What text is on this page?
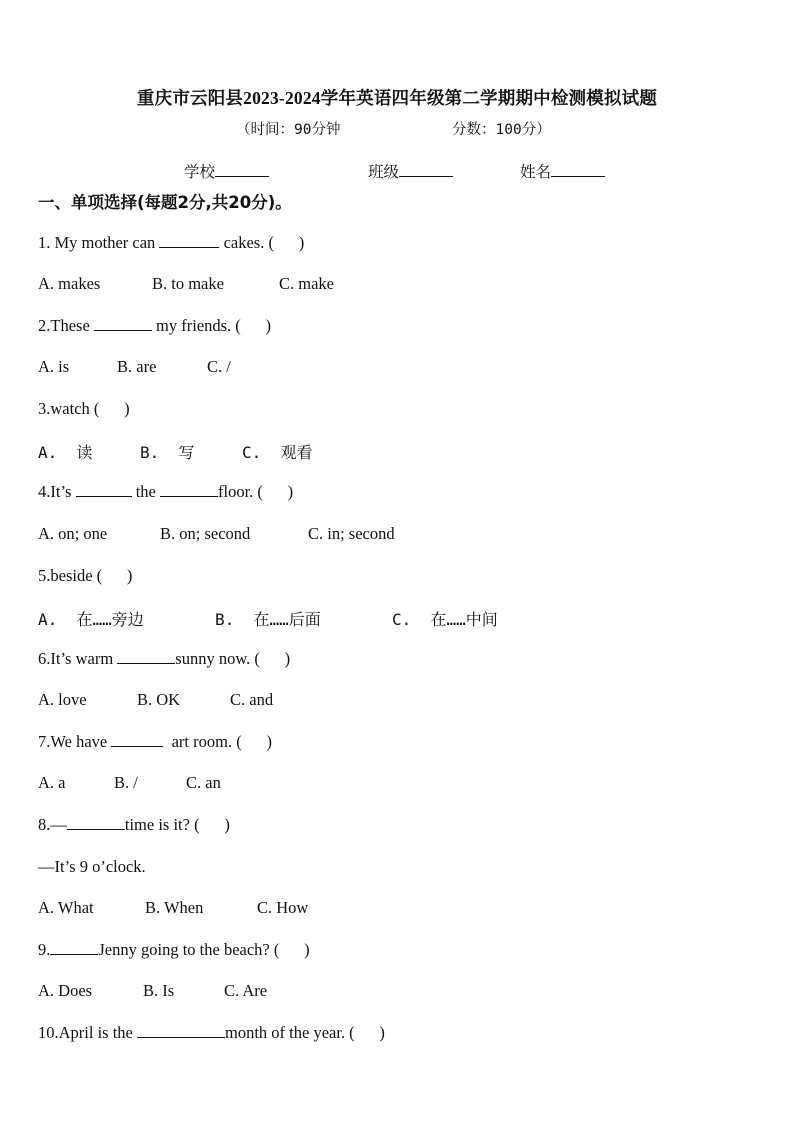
重庆市云阳县2023-2024学年英语四年级第二学期期中检测模拟试题
（时间：90分钟	分数：100分）
学校	班级	姓名
一、单项选择(每题2分,共20分)。
1. My mother can	cakes. (      )
A. makes	B. to make	C. make
2.These	my friends. (      )
A. is	B. are	C. /
3.watch (      )
A.  读	B.  写	C.  观看
4.It’s	the	floor. (      )
A. on; one	B. on; second	C. in; second
5.beside (      )
A.  在……旁边	B.  在……后面	C.  在……中间
6.It’s warm	sunny now. (      )
A. love	B. OK	C. and
7.We have	art room. (      )
A. a	B. /	C. an
8.—	time is it? (      )
—It’s 9 o’clock.
A. What	B. When	C. How
9.	Jenny going to the beach? (      )
A. Does	B. Is	C. Are
10.April is the	month of the year. (      )
